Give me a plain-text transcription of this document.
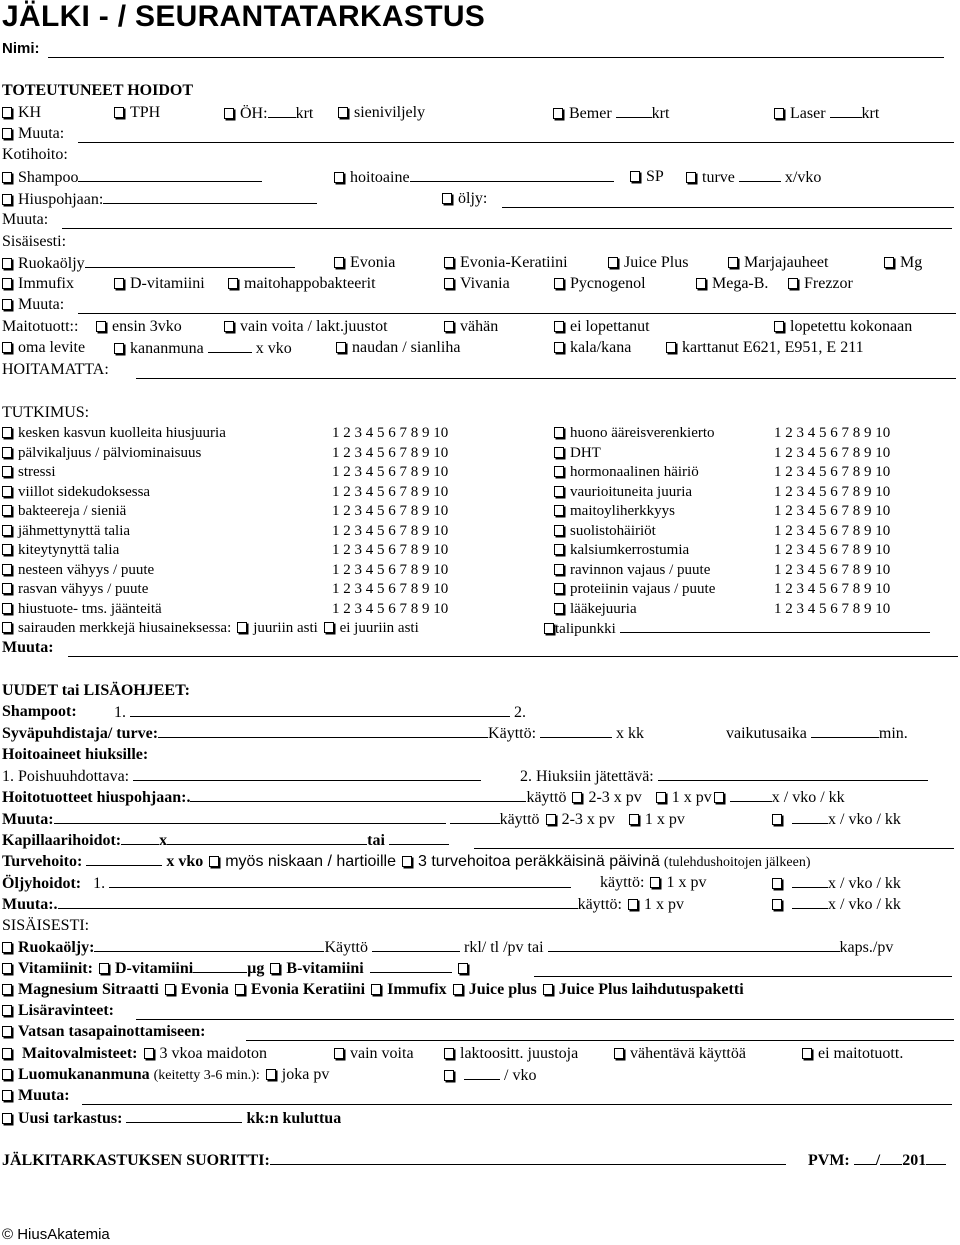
JÄLKI - / SEURANTATARKASTUS
Nimi:
TOTEUTUNEET HOIDOT
KH	TPH	ÖH: krt	sieniviljely	Bemer	krt	Laser krt
Muuta:
Kotihoito:
Shampoo	hoitoaine	SP	turve	x/vko
Hiuspohjaan:	öljy:
Muuta:
Sisäisesti:
Ruokaöljy	Evonia	Evonia-Keratiini	Juice Plus	Marjajauheet	Mg
Immufix	D-vitamiini	maitohappobakteerit	Vivania	Pycnogenol	Mega-B.	Frezzor
Muuta:
Maitotuott::	ensin 3vko	vain voita / lakt.juustot	vähän	ei lopettanut	lopetettu kokonaan
oma levite	kananmuna	x vko	naudan / sianliha	kala/kana	karttanut E621, E951, E 211
HOITAMATTA:
TUTKIMUS:
kesken kasvun kuolleita hiusjuuria	1 2 3 4 5 6 7 8 9 10	huono ääreisverenkierto	1 2 3 4 5 6 7 8 9 10
pälvikaljuus / pälviominaisuus	1 2 3 4 5 6 7 8 9 10	DHT	1 2 3 4 5 6 7 8 9 10
stressi	1 2 3 4 5 6 7 8 9 10	hormonaalinen häiriö	1 2 3 4 5 6 7 8 9 10
viillot sidekudoksessa	1 2 3 4 5 6 7 8 9 10	vaurioituneita juuria	1 2 3 4 5 6 7 8 9 10
bakteereja / sieniä	1 2 3 4 5 6 7 8 9 10	maitoyliherkkyys	1 2 3 4 5 6 7 8 9 10
jähmettynyttä talia	1 2 3 4 5 6 7 8 9 10	suolistohäiriöt	1 2 3 4 5 6 7 8 9 10
kiteytynyttä talia	1 2 3 4 5 6 7 8 9 10	kalsiumkerrostumia	1 2 3 4 5 6 7 8 9 10
nesteen vähyys / puute	1 2 3 4 5 6 7 8 9 10	ravinnon vajaus / puute	1 2 3 4 5 6 7 8 9 10
rasvan vähyys / puute	1 2 3 4 5 6 7 8 9 10	proteiinin vajaus / puute	1 2 3 4 5 6 7 8 9 10
hiustuote- tms. jäänteitä	1 2 3 4 5 6 7 8 9 10	lääkejuuria	1 2 3 4 5 6 7 8 9 10
sairauden merkkejä hiusaineksessa: juuriin asti ei juuriin asti	talipunkki
Muuta:
UUDET tai LISÄOHJEET:
Shampoot: 1.	2.
Syväpuhdistaja/ turve:	Käyttö:	x kk	vaikutusaika	min.
Hoitoaineet hiuksille:
1. Poishuuhdottava:	2. Hiuksiin jätettävä:
Hoitotuotteet hiuspohjaan:.	käyttö 2-3 x pv 1 x pv	x / vko / kk
Muuta:	käyttö 2-3 x pv 1 x pv	x / vko / kk
Kapillaarihoidot: x	tai
Turvehoito:	x vko myös niskaan / hartioille 3 turvehoitoa peräkkäisinä päivinä (tulehdushoitojen jälkeen)
Öljyhoidot: 1.	käyttö: 1 x pv	x / vko / kk
Muuta:.	käyttö: 1 x pv	x / vko / kk
SISÄISESTI:
Ruokaöljy:	Käyttö	rkl/ tl /pv tai	kaps./pv
Vitamiinit: D-vitamiini	µg B-vitamiini
Magnesium Sitraatti Evonia Evonia Keratiini Immufix Juice plus Juice Plus laihdutuspaketti
Lisäravinteet:
Vatsan tasapainottamiseen:
Maitovalmisteet: 3 vkoa maidoton	vain voita	laktoositt. juustoja	vähentävä käyttöä	ei maitotuott.
Luomukananmuna (keitetty 3-6 min.): joka pv	/ vko
Muuta:
Uusi tarkastus:	kk:n kuluttua
JÄLKITARKASTUKSEN SUORITTI:	PVM: / 201
© HiusAkatemia
